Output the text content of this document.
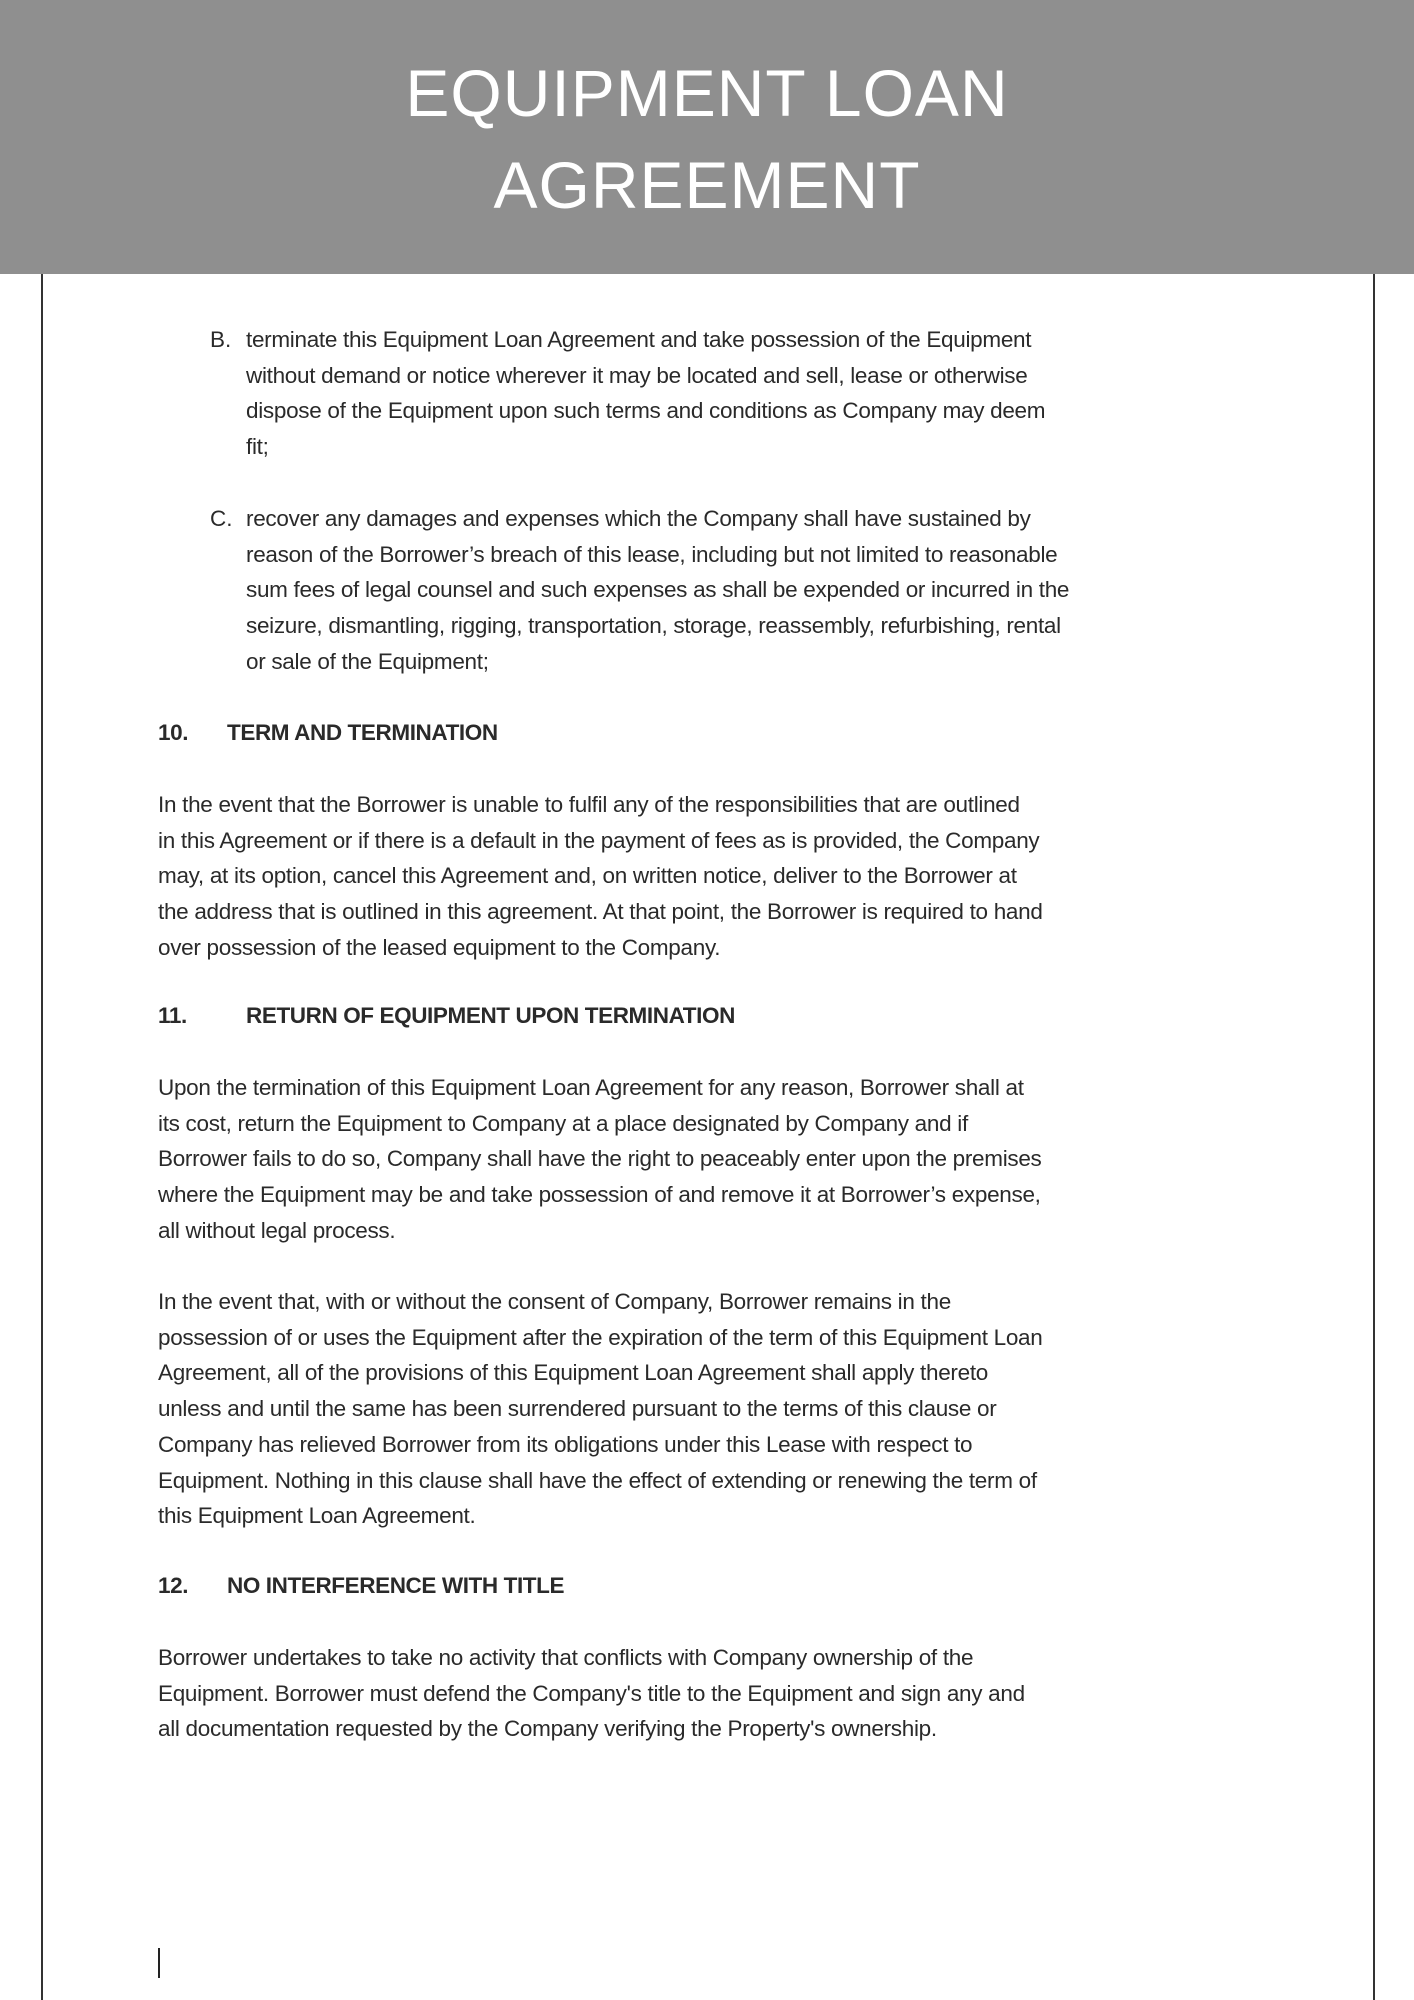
EQUIPMENT LOAN
AGREEMENT
B. terminate this Equipment Loan Agreement and take possession of the Equipment
without demand or notice wherever it may be located and sell, lease or otherwise
dispose of the Equipment upon such terms and conditions as Company may deem
fit;
C. recover any damages and expenses which the Company shall have sustained by
reason of the Borrower’s breach of this lease, including but not limited to reasonable
sum fees of legal counsel and such expenses as shall be expended or incurred in the
seizure, dismantling, rigging, transportation, storage, reassembly, refurbishing, rental
or sale of the Equipment;
10. TERM AND TERMINATION
In the event that the Borrower is unable to fulfil any of the responsibilities that are outlined
in this Agreement or if there is a default in the payment of fees as is provided, the Company
may, at its option, cancel this Agreement and, on written notice, deliver to the Borrower at
the address that is outlined in this agreement. At that point, the Borrower is required to hand
over possession of the leased equipment to the Company.
11.	RETURN OF EQUIPMENT UPON TERMINATION
Upon the termination of this Equipment Loan Agreement for any reason, Borrower shall at
its cost, return the Equipment to Company at a place designated by Company and if
Borrower fails to do so, Company shall have the right to peaceably enter upon the premises
where the Equipment may be and take possession of and remove it at Borrower’s expense,
all without legal process.
In the event that, with or without the consent of Company, Borrower remains in the
possession of or uses the Equipment after the expiration of the term of this Equipment Loan
Agreement, all of the provisions of this Equipment Loan Agreement shall apply thereto
unless and until the same has been surrendered pursuant to the terms of this clause or
Company has relieved Borrower from its obligations under this Lease with respect to
Equipment. Nothing in this clause shall have the effect of extending or renewing the term of
this Equipment Loan Agreement.
12. NO INTERFERENCE WITH TITLE
Borrower undertakes to take no activity that conflicts with Company ownership of the
Equipment. Borrower must defend the Company's title to the Equipment and sign any and
all documentation requested by the Company verifying the Property's ownership.
